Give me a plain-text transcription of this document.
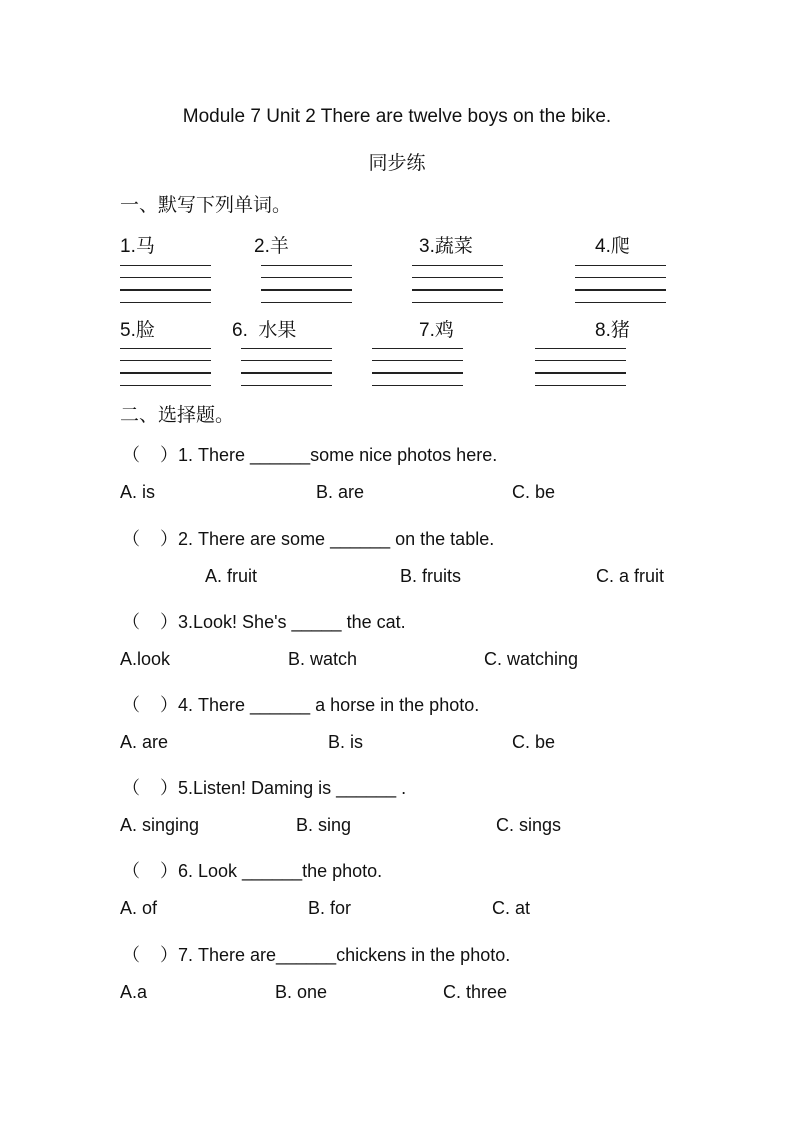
Module 7 Unit 2 There are twelve boys on the bike.
同步练
一、默写下列单词。
1.马	2.羊	3.蔬菜	4.爬
5.脸	6.  水果	7.鸡	8.猪
二、选择题。
（    ）1. There ______some nice photos here.
A. is	B. are	C. be
（    ）2. There are some ______ on the table.
A. fruit	B. fruits	C. a fruit
（    ）3.Look! She's _____ the cat.
A.look	B. watch	C. watching
（    ）4. There ______ a horse in the photo.
A. are	B. is	C. be
（    ）5.Listen! Daming is ______ .
A. singing	B. sing	C. sings
（    ）6. Look ______the photo.
A. of	B. for	C. at
（    ）7. There are______chickens in the photo.
A.a	B. one	C. three
